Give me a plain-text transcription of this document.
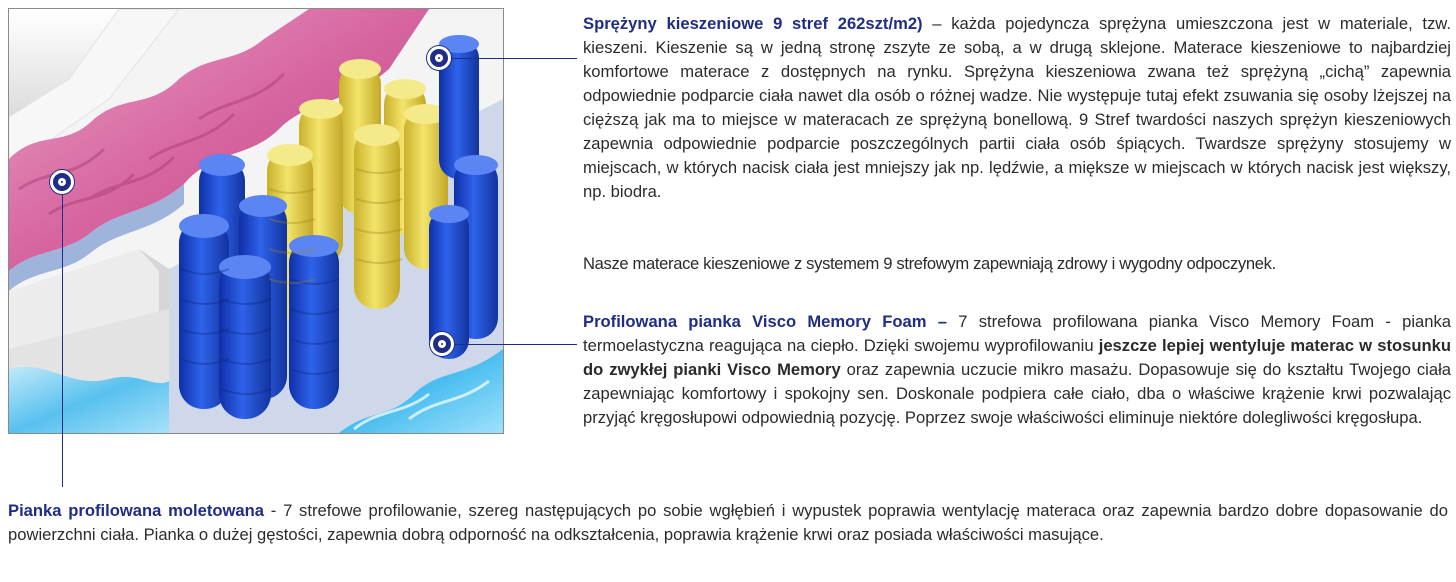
Sprężyny kieszeniowe 9 stref 262szt/m2) – każda pojedyncza sprężyna umieszczona jest w materiale, tzw. kieszeni. Kieszenie są w jedną stronę zszyte ze sobą, a w drugą sklejone. Materace kieszeniowe to najbardziej komfortowe materace z dostępnych na rynku. Sprężyna kieszeniowa zwana też sprężyną „cichą” zapewnia odpowiednie podparcie ciała nawet dla osób o różnej wadze. Nie występuje tutaj efekt zsuwania się osoby lżejszej na cięższą jak ma to miejsce w materacach ze sprężyną bonellową. 9 Stref twardości naszych sprężyn kieszeniowych zapewnia odpowiednie podparcie poszczególnych partii ciała osób śpiących. Twardsze sprężyny stosujemy w miejscach, w których nacisk ciała jest mniejszy jak np. lędźwie, a miększe w miejscach w których nacisk jest większy, np. biodra.

Nasze materace kieszeniowe z systemem 9 strefowym zapewniają zdrowy i wygodny odpoczynek.

Profilowana pianka Visco Memory Foam – 7 strefowa profilowana pianka Visco Memory Foam - pianka termoelastyczna reagująca na ciepło. Dzięki swojemu wyprofilowaniu jeszcze lepiej wentyluje materac w stosunku do zwykłej pianki Visco Memory oraz zapewnia uczucie mikro masażu. Dopasowuje się do kształtu Twojego ciała zapewniając komfortowy i spokojny sen. Doskonale podpiera całe ciało, dba o właściwe krążenie krwi pozwalając przyjąć kręgosłupowi odpowiednią pozycję. Poprzez swoje właściwości eliminuje niektóre dolegliwości kręgosłupa.

Pianka profilowana moletowana - 7 strefowe profilowanie, szereg następujących po sobie wgłębień i wypustek poprawia wentylację materaca oraz zapewnia bardzo dobre dopasowanie do powierzchni ciała. Pianka o dużej gęstości, zapewnia dobrą odporność na odkształcenia, poprawia krążenie krwi oraz posiada właściwości masujące.
